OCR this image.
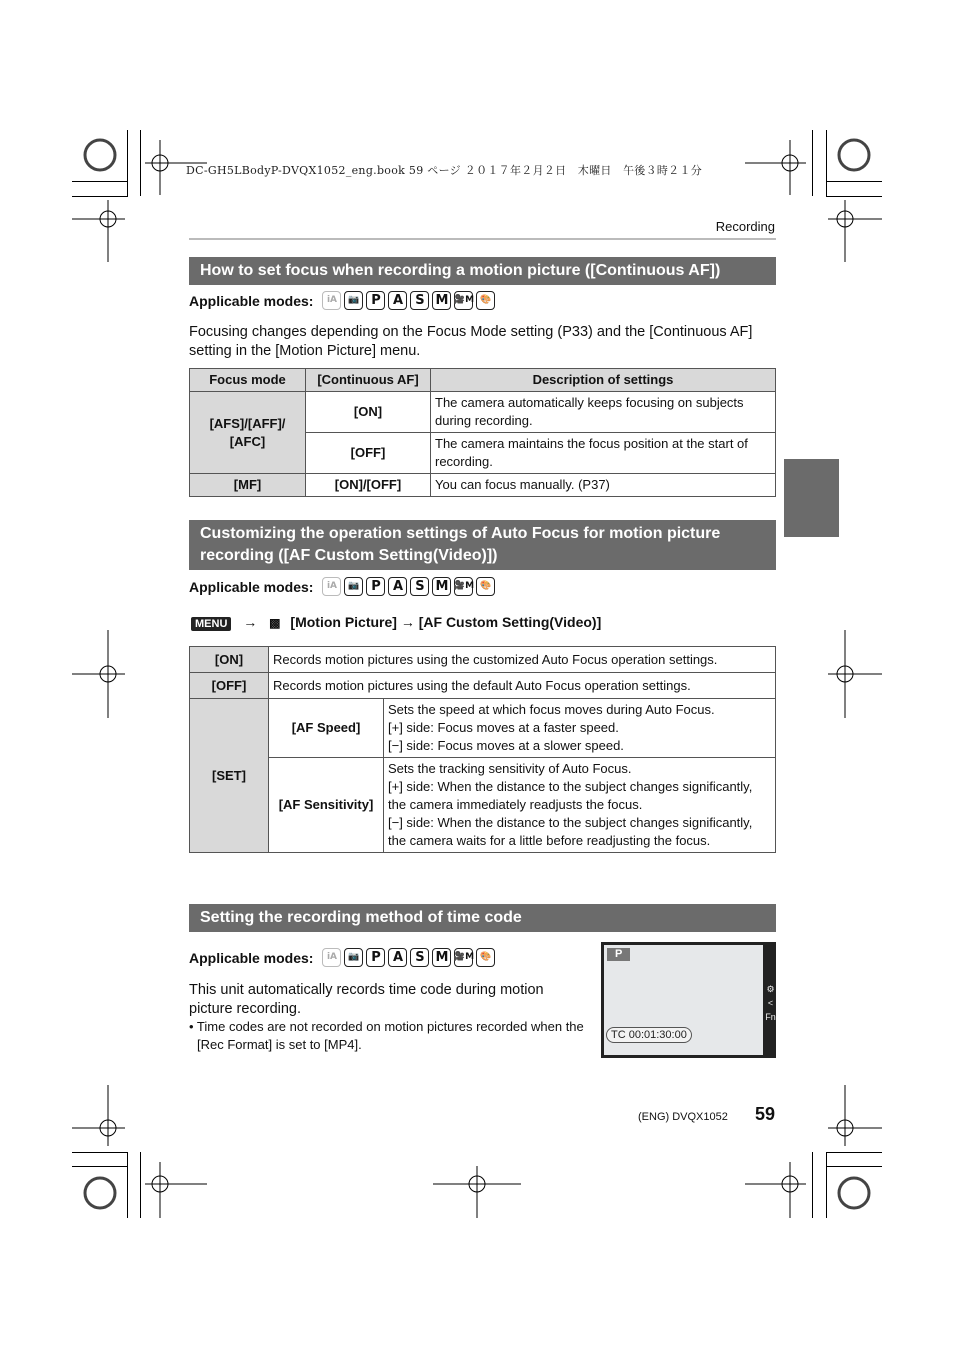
DC-GH5LBodyP-DVQX1052_eng.book 59 ページ ２０１７年２月２日　木曜日　午後３時２１分
Recording
How to set focus when recording a motion picture ([Continuous AF])
Applicable modes:	iA	📷 P A S M 🎥M 🎨
Focusing changes depending on the Focus Mode setting (P33) and the [Continuous AF] setting in the [Motion Picture] menu.
Focus mode	[Continuous AF]	Description of settings
[AFS]/[AFF]/ [AFC]	[ON]	The camera automatically keeps focusing on subjects during recording.
	[OFF]	The camera maintains the focus position at the start of recording.
[MF]	[ON]/[OFF]	You can focus manually. (P37)
Customizing the operation settings of Auto Focus for motion picture recording ([AF Custom Setting(Video)])
Applicable modes:	iA	📷 P A S M 🎥M 🎨
MENU → ▩ [Motion Picture] → [AF Custom Setting(Video)]
[ON]	Records motion pictures using the customized Auto Focus operation settings.	
[OFF]	Records motion pictures using the default Auto Focus operation settings.	
[SET]	[AF Speed]	Sets the speed at which focus moves during Auto Focus.
[+] side: Focus moves at a faster speed.
[−] side: Focus moves at a slower speed.

	[AF Sensitivity]	Sets the tracking sensitivity of Auto Focus.
[+] side: When the distance to the subject changes significantly, the camera immediately readjusts the focus.
[−] side: When the distance to the subject changes significantly, the camera waits for a little before readjusting the focus.
Setting the recording method of time code
Applicable modes:	iA	📷 P A S M 🎥M 🎨
This unit automatically records time code during motion picture recording.
• Time codes are not recorded on motion pictures recorded when the [Rec Format] is set to [MP4].
P
TC 00:01:30:00
⚙
<
Fn
(ENG) DVQX1052 59
